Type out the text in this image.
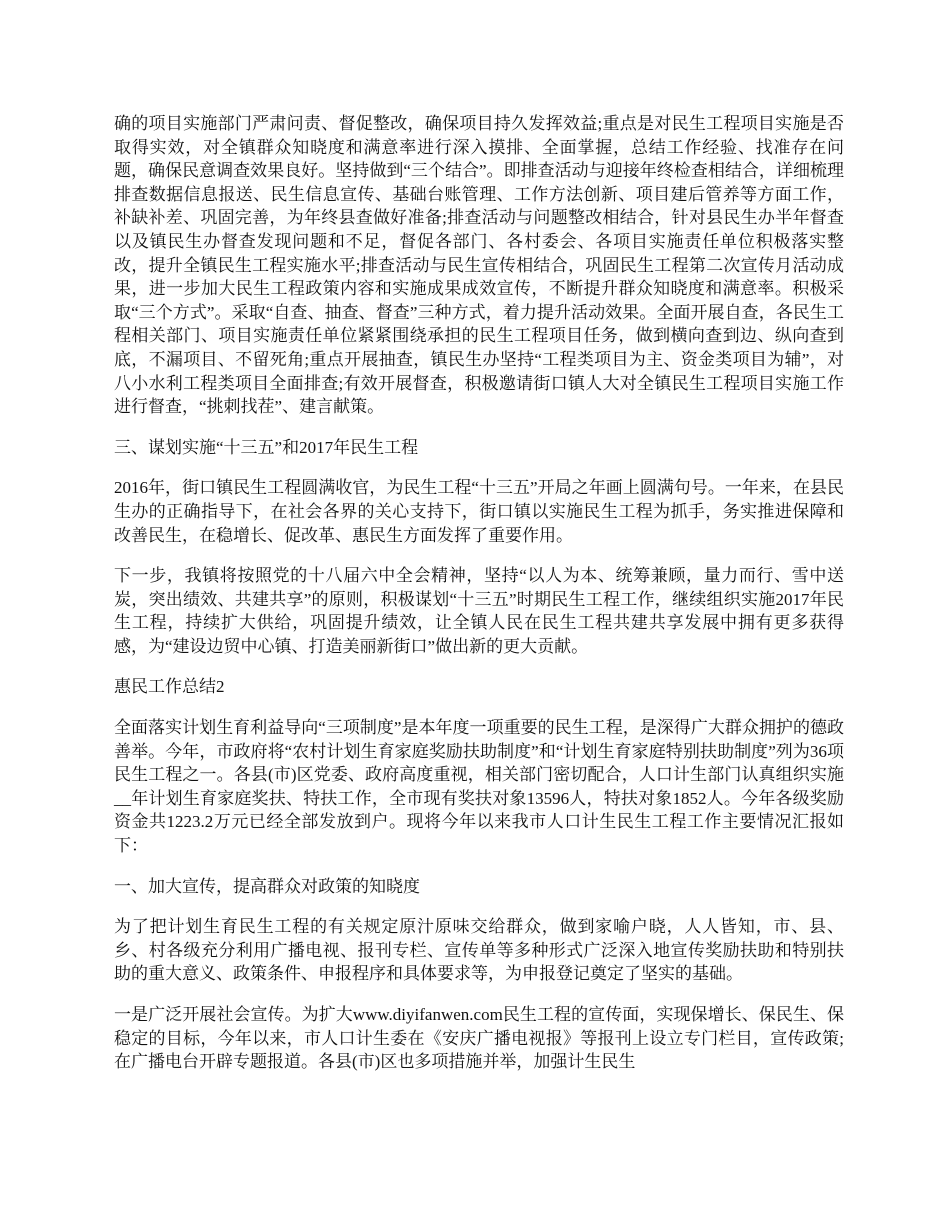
确的项目实施部门严肃问责、督促整改，确保项目持久发挥效益;重点是对民生工程项目实施是否取得实效，对全镇群众知晓度和满意率进行深入摸排、全面掌握，总结工作经验、找准存在问题，确保民意调查效果良好。坚持做到“三个结合”。即排查活动与迎接年终检查相结合，详细梳理排查数据信息报送、民生信息宣传、基础台账管理、工作方法创新、项目建后管养等方面工作，补缺补差、巩固完善，为年终县查做好准备;排查活动与问题整改相结合，针对县民生办半年督查以及镇民生办督查发现问题和不足，督促各部门、各村委会、各项目实施责任单位积极落实整改，提升全镇民生工程实施水平;排查活动与民生宣传相结合，巩固民生工程第二次宣传月活动成果，进一步加大民生工程政策内容和实施成果成效宣传，不断提升群众知晓度和满意率。积极采取“三个方式”。采取“自查、抽查、督查”三种方式，着力提升活动效果。全面开展自查，各民生工程相关部门、项目实施责任单位紧紧围绕承担的民生工程项目任务，做到横向查到边、纵向查到底，不漏项目、不留死角;重点开展抽查，镇民生办坚持“工程类项目为主、资金类项目为辅”，对八小水利工程类项目全面排查;有效开展督查，积极邀请街口镇人大对全镇民生工程项目实施工作进行督查，“挑刺找茬”、建言献策。

三、谋划实施“十三五”和2017年民生工程

2016年，街口镇民生工程圆满收官，为民生工程“十三五”开局之年画上圆满句号。一年来，在县民生办的正确指导下，在社会各界的关心支持下，街口镇以实施民生工程为抓手，务实推进保障和改善民生，在稳增长、促改革、惠民生方面发挥了重要作用。

下一步，我镇将按照党的十八届六中全会精神，坚持“以人为本、统筹兼顾，量力而行、雪中送炭，突出绩效、共建共享”的原则，积极谋划“十三五”时期民生工程工作，继续组织实施2017年民生工程，持续扩大供给，巩固提升绩效，让全镇人民在民生工程共建共享发展中拥有更多获得感，为“建设边贸中心镇、打造美丽新街口”做出新的更大贡献。

惠民工作总结2

全面落实计划生育利益导向“三项制度”是本年度一项重要的民生工程，是深得广大群众拥护的德政善举。今年，市政府将“农村计划生育家庭奖励扶助制度”和“计划生育家庭特别扶助制度”列为36项民生工程之一。各县(市)区党委、政府高度重视，相关部门密切配合，人口计生部门认真组织实施__年计划生育家庭奖扶、特扶工作，全市现有奖扶对象13596人，特扶对象1852人。今年各级奖励资金共1223.2万元已经全部发放到户。现将今年以来我市人口计生民生工程工作主要情况汇报如下：

一、加大宣传，提高群众对政策的知晓度

为了把计划生育民生工程的有关规定原汁原味交给群众，做到家喻户晓，人人皆知，市、县、乡、村各级充分利用广播电视、报刊专栏、宣传单等多种形式广泛深入地宣传奖励扶助和特别扶助的重大意义、政策条件、申报程序和具体要求等，为申报登记奠定了坚实的基础。

一是广泛开展社会宣传。为扩大www.diyifanwen.com民生工程的宣传面，实现保增长、保民生、保稳定的目标，今年以来，市人口计生委在《安庆广播电视报》等报刊上设立专门栏目，宣传政策;在广播电台开辟专题报道。各县(市)区也多项措施并举，加强计生民生
